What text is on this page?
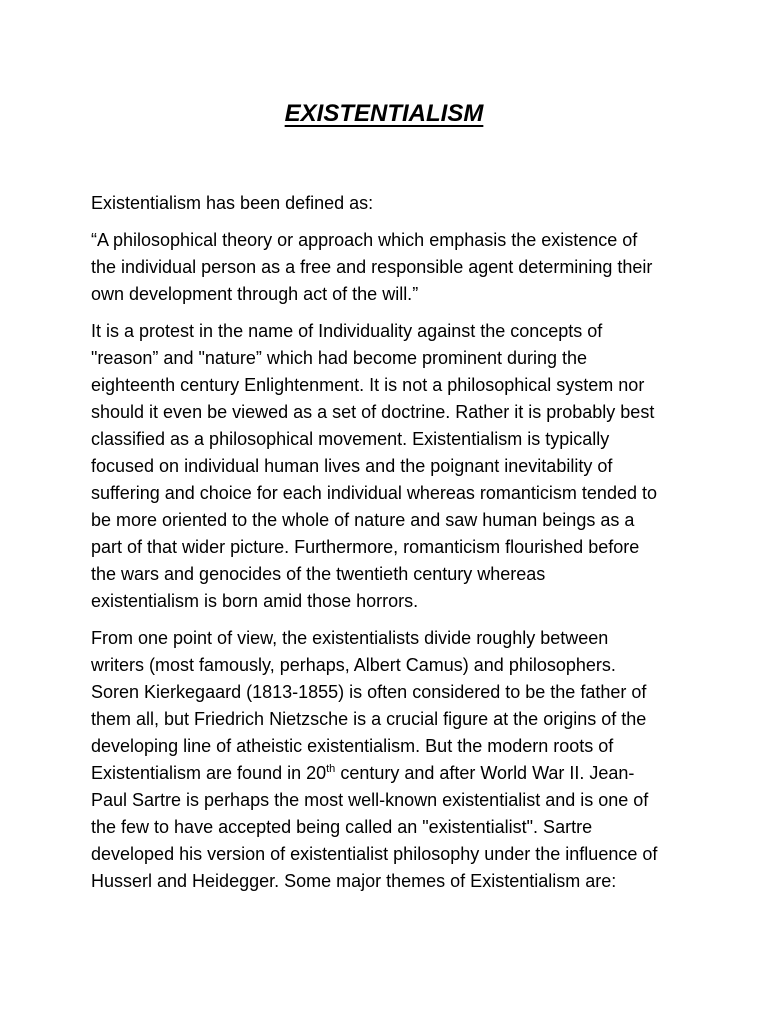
EXISTENTIALISM

Existentialism has been defined as:

“A philosophical theory or approach which emphasis the existence of
the individual person as a free and responsible agent determining their
own development through act of the will.”

It is a protest in the name of Individuality against the concepts of
"reason” and "nature” which had become prominent during the
eighteenth century Enlightenment. It is not a philosophical system nor
should it even be viewed as a set of doctrine. Rather it is probably best
classified as a philosophical movement. Existentialism is typically
focused on individual human lives and the poignant inevitability of
suffering and choice for each individual whereas romanticism tended to
be more oriented to the whole of nature and saw human beings as a
part of that wider picture. Furthermore, romanticism flourished before
the wars and genocides of the twentieth century whereas
existentialism is born amid those horrors.

From one point of view, the existentialists divide roughly between
writers (most famously, perhaps, Albert Camus) and philosophers.
Soren Kierkegaard (1813-1855) is often considered to be the father of
them all, but Friedrich Nietzsche is a crucial figure at the origins of the
developing line of atheistic existentialism. But the modern roots of
Existentialism are found in 20th century and after World War II. Jean-
Paul Sartre is perhaps the most well-known existentialist and is one of
the few to have accepted being called an "existentialist". Sartre
developed his version of existentialist philosophy under the influence of
Husserl and Heidegger. Some major themes of Existentialism are:
